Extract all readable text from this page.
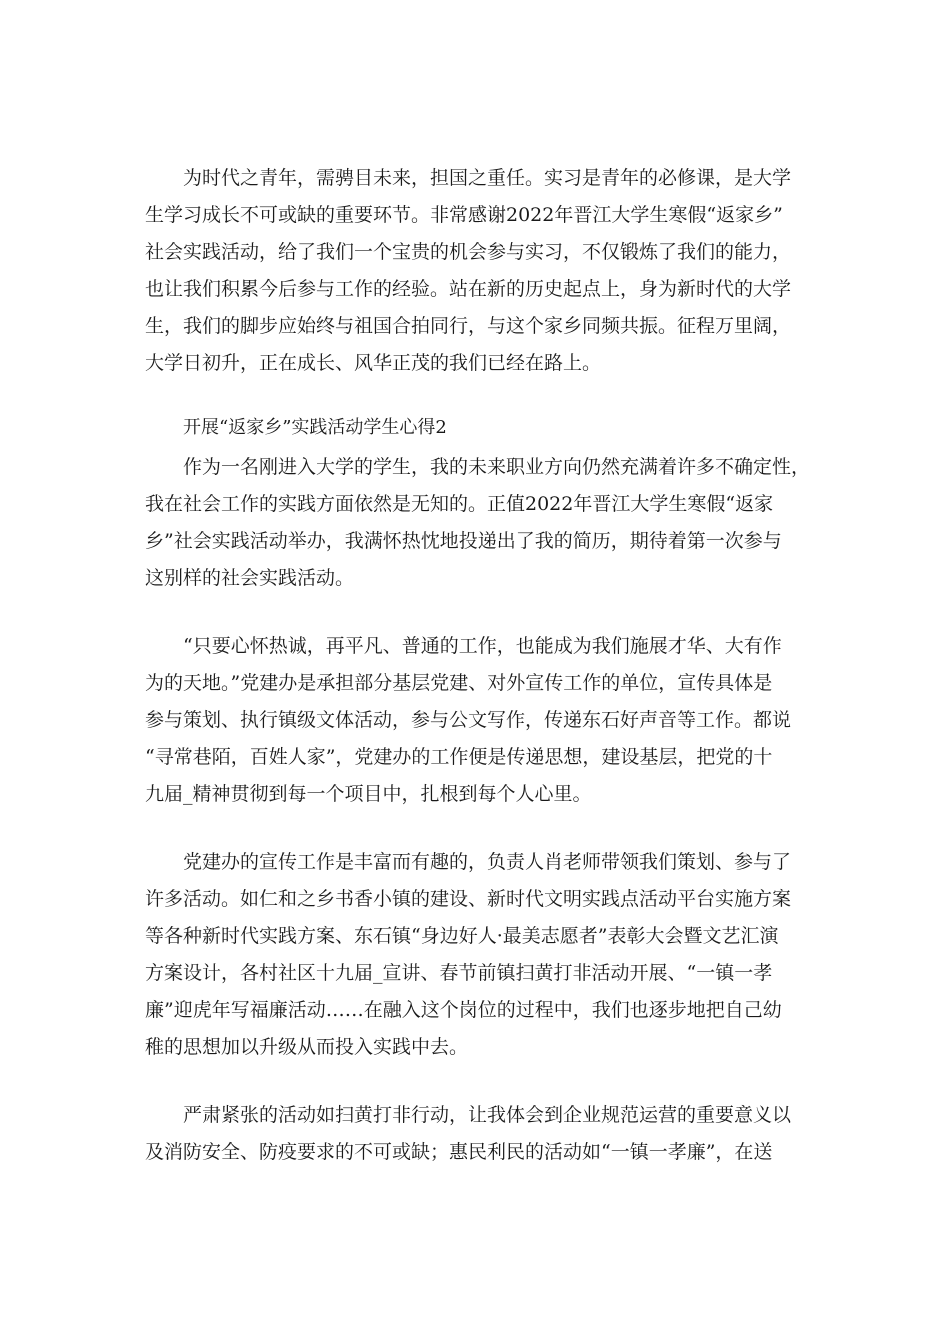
为时代之青年，需骋目未来，担国之重任。实习是青年的必修课，是大学
生学习成长不可或缺的重要环节。非常感谢2022年晋江大学生寒假“返家乡”
社会实践活动，给了我们一个宝贵的机会参与实习，不仅锻炼了我们的能力，
也让我们积累今后参与工作的经验。站在新的历史起点上，身为新时代的大学
生，我们的脚步应始终与祖国合拍同行，与这个家乡同频共振。征程万里阔，
大学日初升，正在成长、风华正茂的我们已经在路上。
开展“返家乡”实践活动学生心得2
作为一名刚进入大学的学生，我的未来职业方向仍然充满着许多不确定性，
我在社会工作的实践方面依然是无知的。正值2022年晋江大学生寒假“返家
乡”社会实践活动举办，我满怀热忱地投递出了我的简历，期待着第一次参与
这别样的社会实践活动。
“只要心怀热诚，再平凡、普通的工作，也能成为我们施展才华、大有作
为的天地。”党建办是承担部分基层党建、对外宣传工作的单位，宣传具体是
参与策划、执行镇级文体活动，参与公文写作，传递东石好声音等工作。都说
“寻常巷陌，百姓人家”，党建办的工作便是传递思想，建设基层，把党的十
九届_精神贯彻到每一个项目中，扎根到每个人心里。
党建办的宣传工作是丰富而有趣的，负责人肖老师带领我们策划、参与了
许多活动。如仁和之乡书香小镇的建设、新时代文明实践点活动平台实施方案
等各种新时代实践方案、东石镇“身边好人·最美志愿者”表彰大会暨文艺汇演
方案设计，各村社区十九届_宣讲、春节前镇扫黄打非活动开展、“一镇一孝
廉”迎虎年写福廉活动……在融入这个岗位的过程中，我们也逐步地把自己幼
稚的思想加以升级从而投入实践中去。
严肃紧张的活动如扫黄打非行动，让我体会到企业规范运营的重要意义以
及消防安全、防疫要求的不可或缺；惠民利民的活动如“一镇一孝廉”，在送
